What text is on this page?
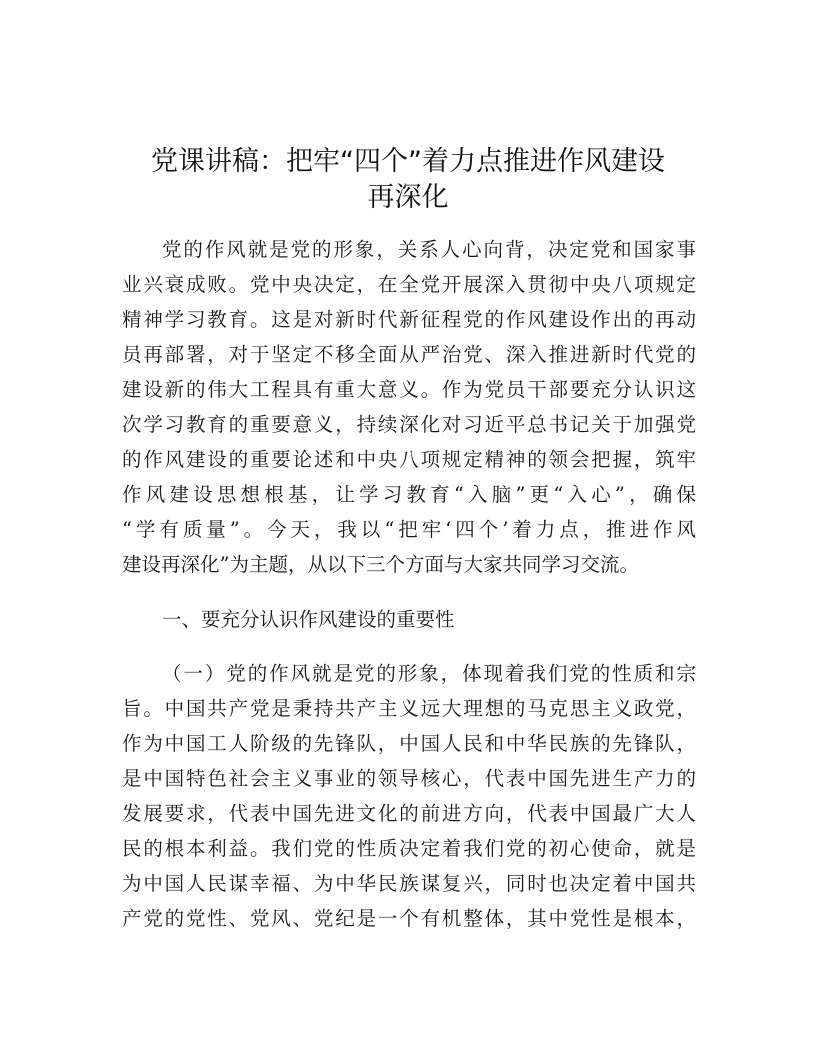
党课讲稿：把牢“四个”着力点推进作风建设
再深化
党的作风就是党的形象，关系人心向背，决定党和国家事
业兴衰成败。党中央决定，在全党开展深入贯彻中央八项规定
精神学习教育。这是对新时代新征程党的作风建设作出的再动
员再部署，对于坚定不移全面从严治党、深入推进新时代党的
建设新的伟大工程具有重大意义。作为党员干部要充分认识这
次学习教育的重要意义，持续深化对习近平总书记关于加强党
的作风建设的重要论述和中央八项规定精神的领会把握，筑牢
作风建设思想根基，让学习教育“入脑”更“入心”，确保
“学有质量”。今天，我以“把牢‘四个’着力点，推进作风
建设再深化”为主题，从以下三个方面与大家共同学习交流。
一、要充分认识作风建设的重要性
（一）党的作风就是党的形象，体现着我们党的性质和宗
旨。中国共产党是秉持共产主义远大理想的马克思主义政党，
作为中国工人阶级的先锋队，中国人民和中华民族的先锋队，
是中国特色社会主义事业的领导核心，代表中国先进生产力的
发展要求，代表中国先进文化的前进方向，代表中国最广大人
民的根本利益。我们党的性质决定着我们党的初心使命，就是
为中国人民谋幸福、为中华民族谋复兴，同时也决定着中国共
产党的党性、党风、党纪是一个有机整体，其中党性是根本，
